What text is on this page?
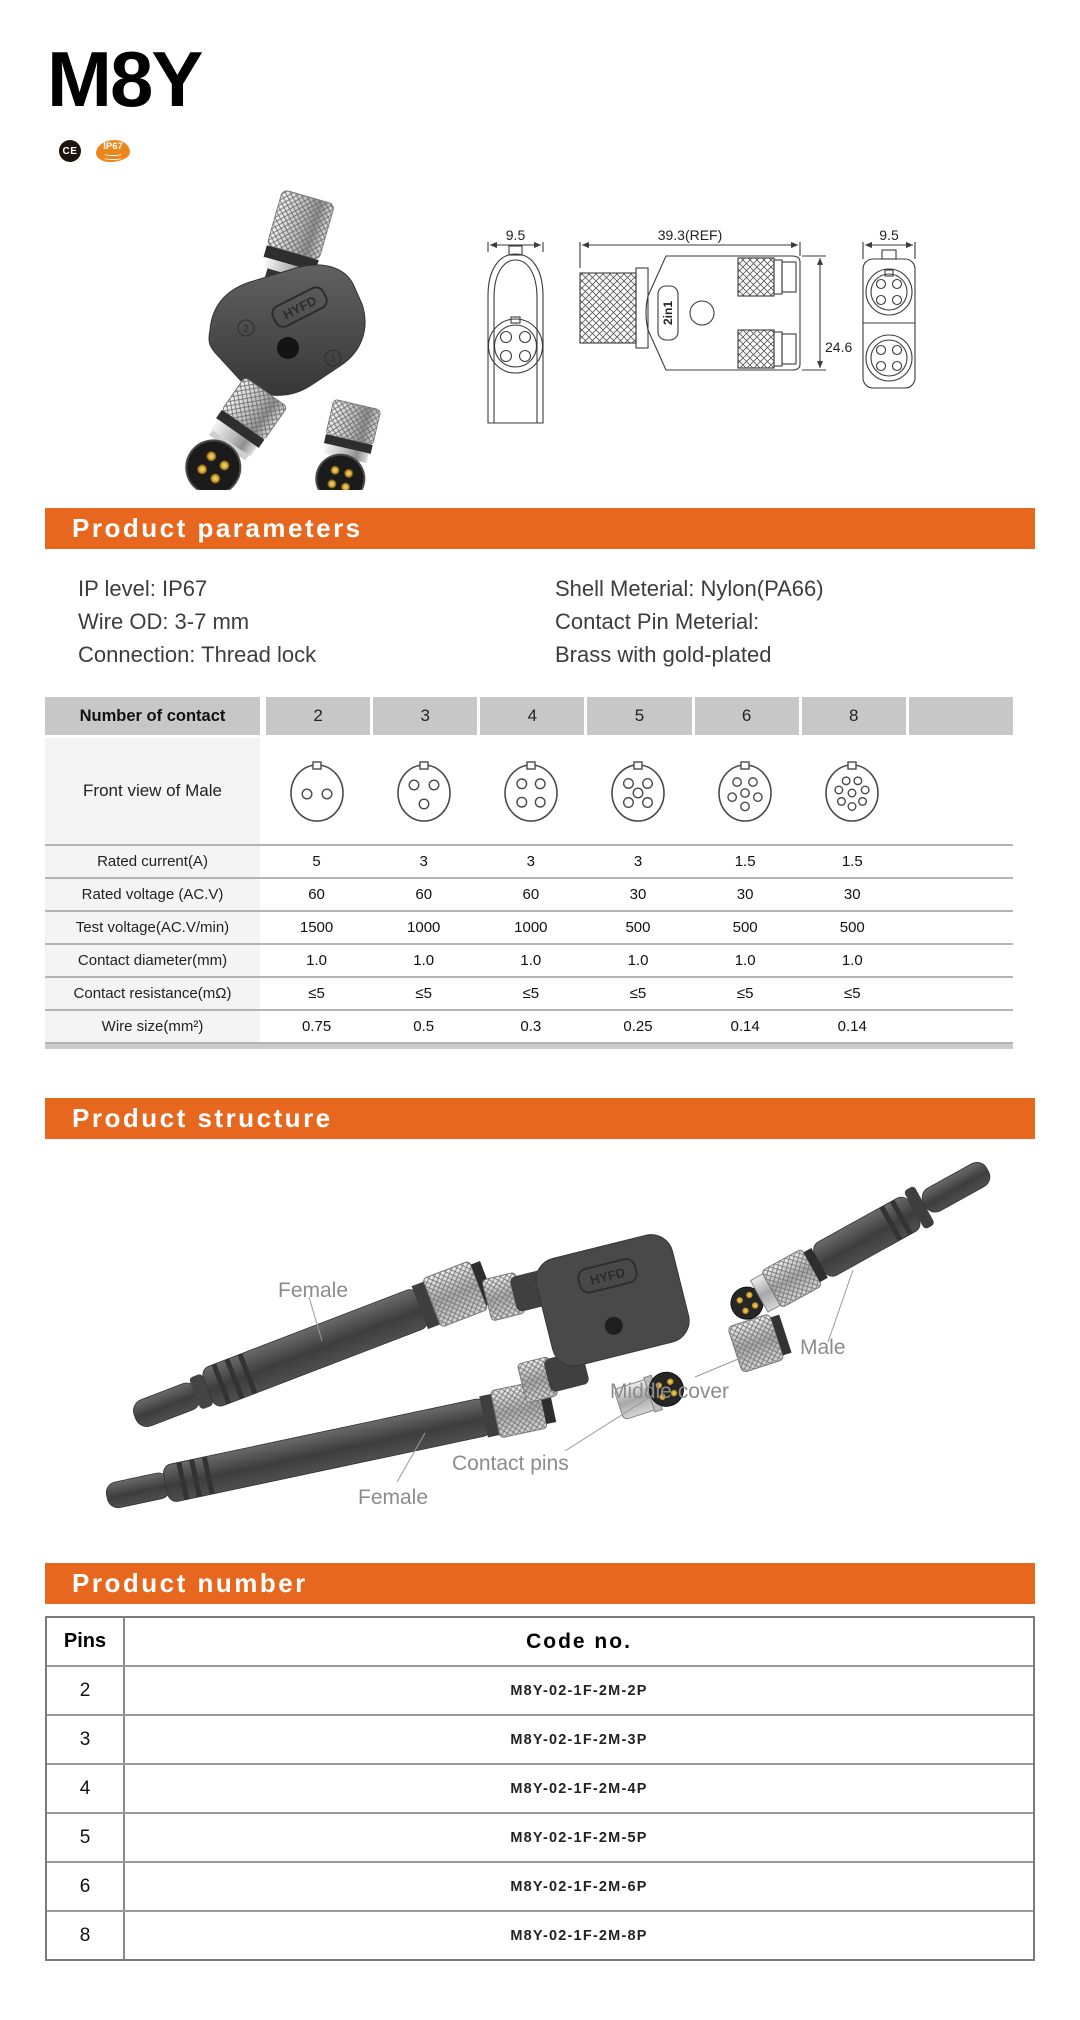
M8Y
CE	IP67
HYFD
2
1
9.5	39.3(REF)	9.5
24.6
2in1
Product parameters
IP level: IP67
Wire OD: 3-7 mm
Connection: Thread lock
Shell Meterial: Nylon(PA66)
Contact Pin Meterial:
Brass with gold-plated
Number of contact	2	3	4	5	6	8
Front view of Male
Rated current(A)	5	3	3	3	1.5	1.5
Rated voltage (AC.V)	60	60	60	30	30	30
Test voltage(AC.V/min)	1500	1000	1000	500	500	500
Contact diameter(mm)	1.0	1.0	1.0	1.0	1.0	1.0
Contact resistance(mΩ)	≤5	≤5	≤5	≤5	≤5	≤5
Wire size(mm²)	0.75	0.5	0.3	0.25	0.14	0.14
Product structure
HYFD
Female
Male
Middle cover
Contact pins
Female
Product number
Pins	Code no.
2	M8Y-02-1F-2M-2P
3	M8Y-02-1F-2M-3P
4	M8Y-02-1F-2M-4P
5	M8Y-02-1F-2M-5P
6	M8Y-02-1F-2M-6P
8	M8Y-02-1F-2M-8P
